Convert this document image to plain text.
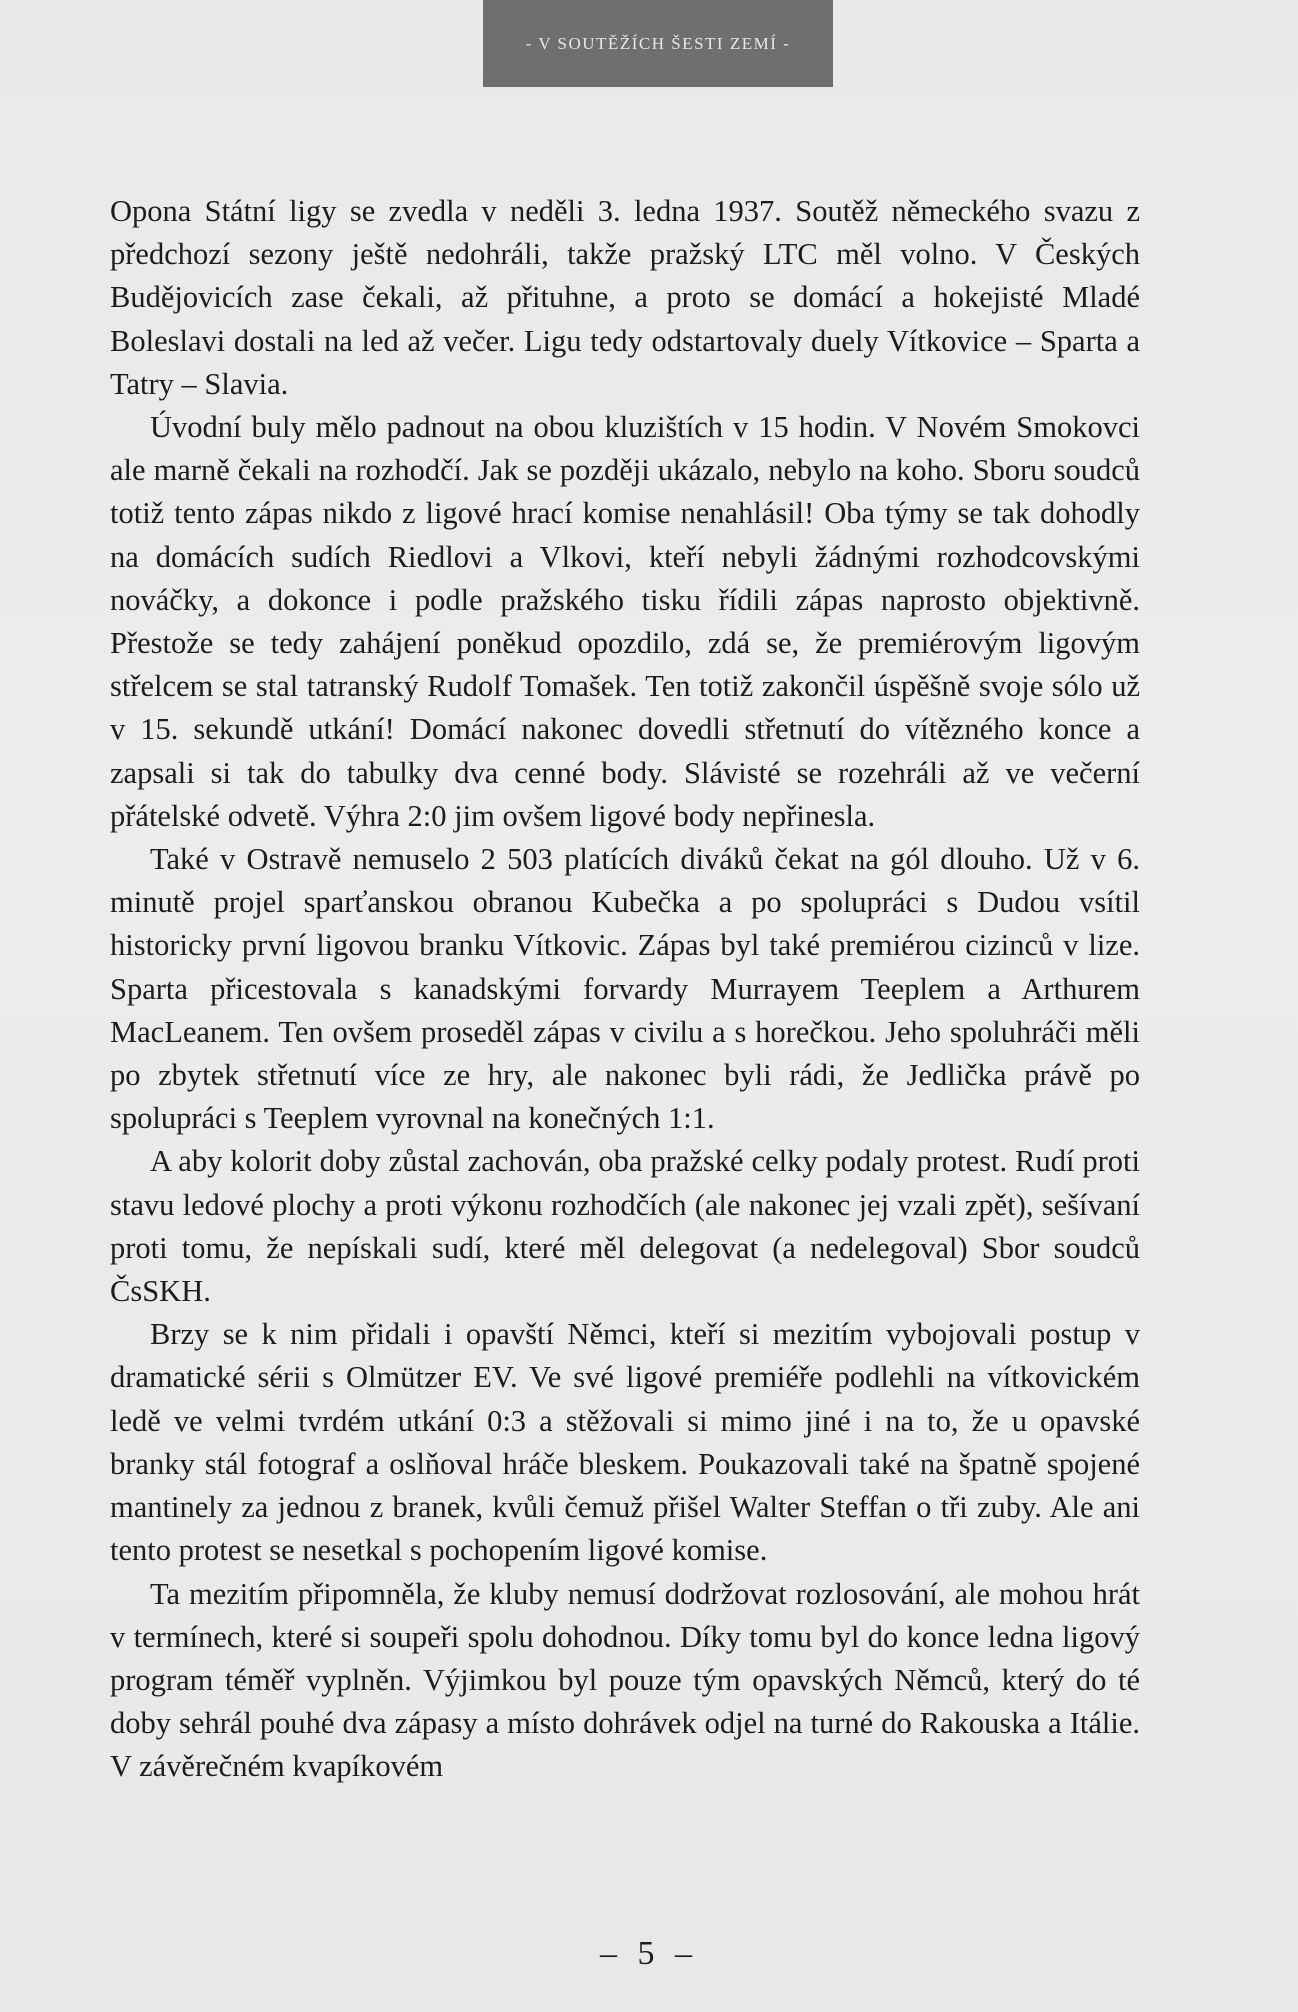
- V SOUTĚŽÍCH ŠESTI ZEMÍ -

Opona Státní ligy se zvedla v neděli 3. ledna 1937. Soutěž německého svazu z předchozí sezony ještě nedohráli, takže pražský LTC měl volno. V Českých Budějovicích zase čekali, až přituhne, a proto se domácí a hokejisté Mladé Boleslavi dostali na led až večer. Ligu tedy odstartovaly duely Vítkovice – Sparta a Tatry – Slavia.

Úvodní buly mělo padnout na obou kluzištích v 15 hodin. V Novém Smokovci ale marně čekali na rozhodčí. Jak se později ukázalo, nebylo na koho. Sboru soudců totiž tento zápas nikdo z ligové hrací komise nenahlásil! Oba týmy se tak dohodly na domácích sudích Riedlovi a Vlkovi, kteří nebyli žádnými rozhodcovskými nováčky, a dokonce i podle pražského tisku řídili zápas naprosto objektivně. Přestože se tedy zahájení poněkud opozdilo, zdá se, že premiérovým ligovým střelcem se stal tatranský Rudolf Tomašek. Ten totiž zakončil úspěšně svoje sólo už v 15. sekundě utkání! Domácí nakonec dovedli střetnutí do vítězného konce a zapsali si tak do tabulky dva cenné body. Slávisté se rozehráli až ve večerní přátelské odvetě. Výhra 2:0 jim ovšem ligové body nepřinesla.

Také v Ostravě nemuselo 2 503 platících diváků čekat na gól dlouho. Už v 6. minutě projel sparťanskou obranou Kubečka a po spolupráci s Dudou vsítil historicky první ligovou branku Vítkovic. Zápas byl také premiérou cizinců v lize. Sparta přicestovala s kanadskými forvardy Murrayem Teeplem a Arthurem MacLeanem. Ten ovšem proseděl zápas v civilu a s horečkou. Jeho spoluhráči měli po zbytek střetnutí více ze hry, ale nakonec byli rádi, že Jedlička právě po spolupráci s Teeplem vyrovnal na konečných 1:1.

A aby kolorit doby zůstal zachován, oba pražské celky podaly protest. Rudí proti stavu ledové plochy a proti výkonu rozhodčích (ale nakonec jej vzali zpět), sešívaní proti tomu, že nepískali sudí, které měl delegovat (a nedelegoval) Sbor soudců ČsSKH.

Brzy se k nim přidali i opavští Němci, kteří si mezitím vybojovali postup v dramatické sérii s Olmützer EV. Ve své ligové premiéře podlehli na vítkovickém ledě ve velmi tvrdém utkání 0:3 a stěžovali si mimo jiné i na to, že u opavské branky stál fotograf a oslňoval hráče bleskem. Poukazovali také na špatně spojené mantinely za jednou z branek, kvůli čemuž přišel Walter Steffan o tři zuby. Ale ani tento protest se nesetkal s pochopením ligové komise.

Ta mezitím připomněla, že kluby nemusí dodržovat rozlosování, ale mohou hrát v termínech, které si soupeři spolu dohodnou. Díky tomu byl do konce ledna ligový program téměř vyplněn. Výjimkou byl pouze tým opavských Němců, který do té doby sehrál pouhé dva zápasy a místo dohrávek odjel na turné do Rakouska a Itálie. V závěrečném kvapíkovém

– 5 –
